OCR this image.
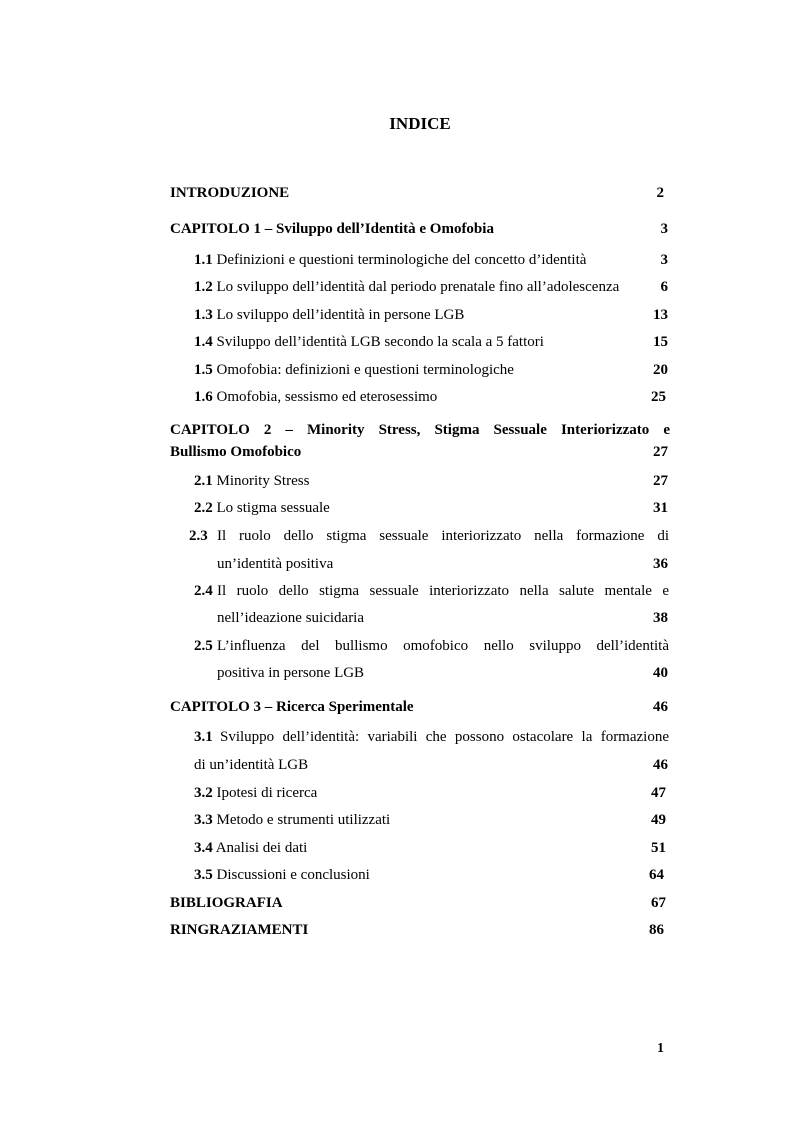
INDICE
INTRODUZIONE	2
CAPITOLO 1 – Sviluppo dell’Identità e Omofobia	3
1.1 Definizioni e questioni terminologiche del concetto d’identità	3
1.2 Lo sviluppo dell’identità dal periodo prenatale fino all’adolescenza	6
1.3 Lo sviluppo dell’identità in persone LGB	13
1.4 Sviluppo dell’identità LGB secondo la scala a 5 fattori	15
1.5 Omofobia: definizioni e questioni terminologiche	20
1.6 Omofobia, sessismo ed eterosessimo	25
CAPITOLO 2 – Minority Stress, Stigma Sessuale Interiorizzato e
Bullismo Omofobico	27
2.1 Minority Stress	27
2.2 Lo stigma sessuale	31
2.3 Il ruolo dello stigma sessuale interiorizzato nella formazione di
un’identità positiva	36
2.4 Il ruolo dello stigma sessuale interiorizzato nella salute mentale e
nell’ideazione suicidaria	38
2.5 L’influenza del bullismo omofobico nello sviluppo dell’identità
positiva in persone LGB	40
CAPITOLO 3 – Ricerca Sperimentale	46
3.1 Sviluppo dell’identità: variabili che possono ostacolare la formazione
di un’identità LGB	46
3.2 Ipotesi di ricerca	47
3.3 Metodo e strumenti utilizzati	49
3.4 Analisi dei dati	51
3.5 Discussioni e conclusioni	64
BIBLIOGRAFIA	67
RINGRAZIAMENTI	86
1
